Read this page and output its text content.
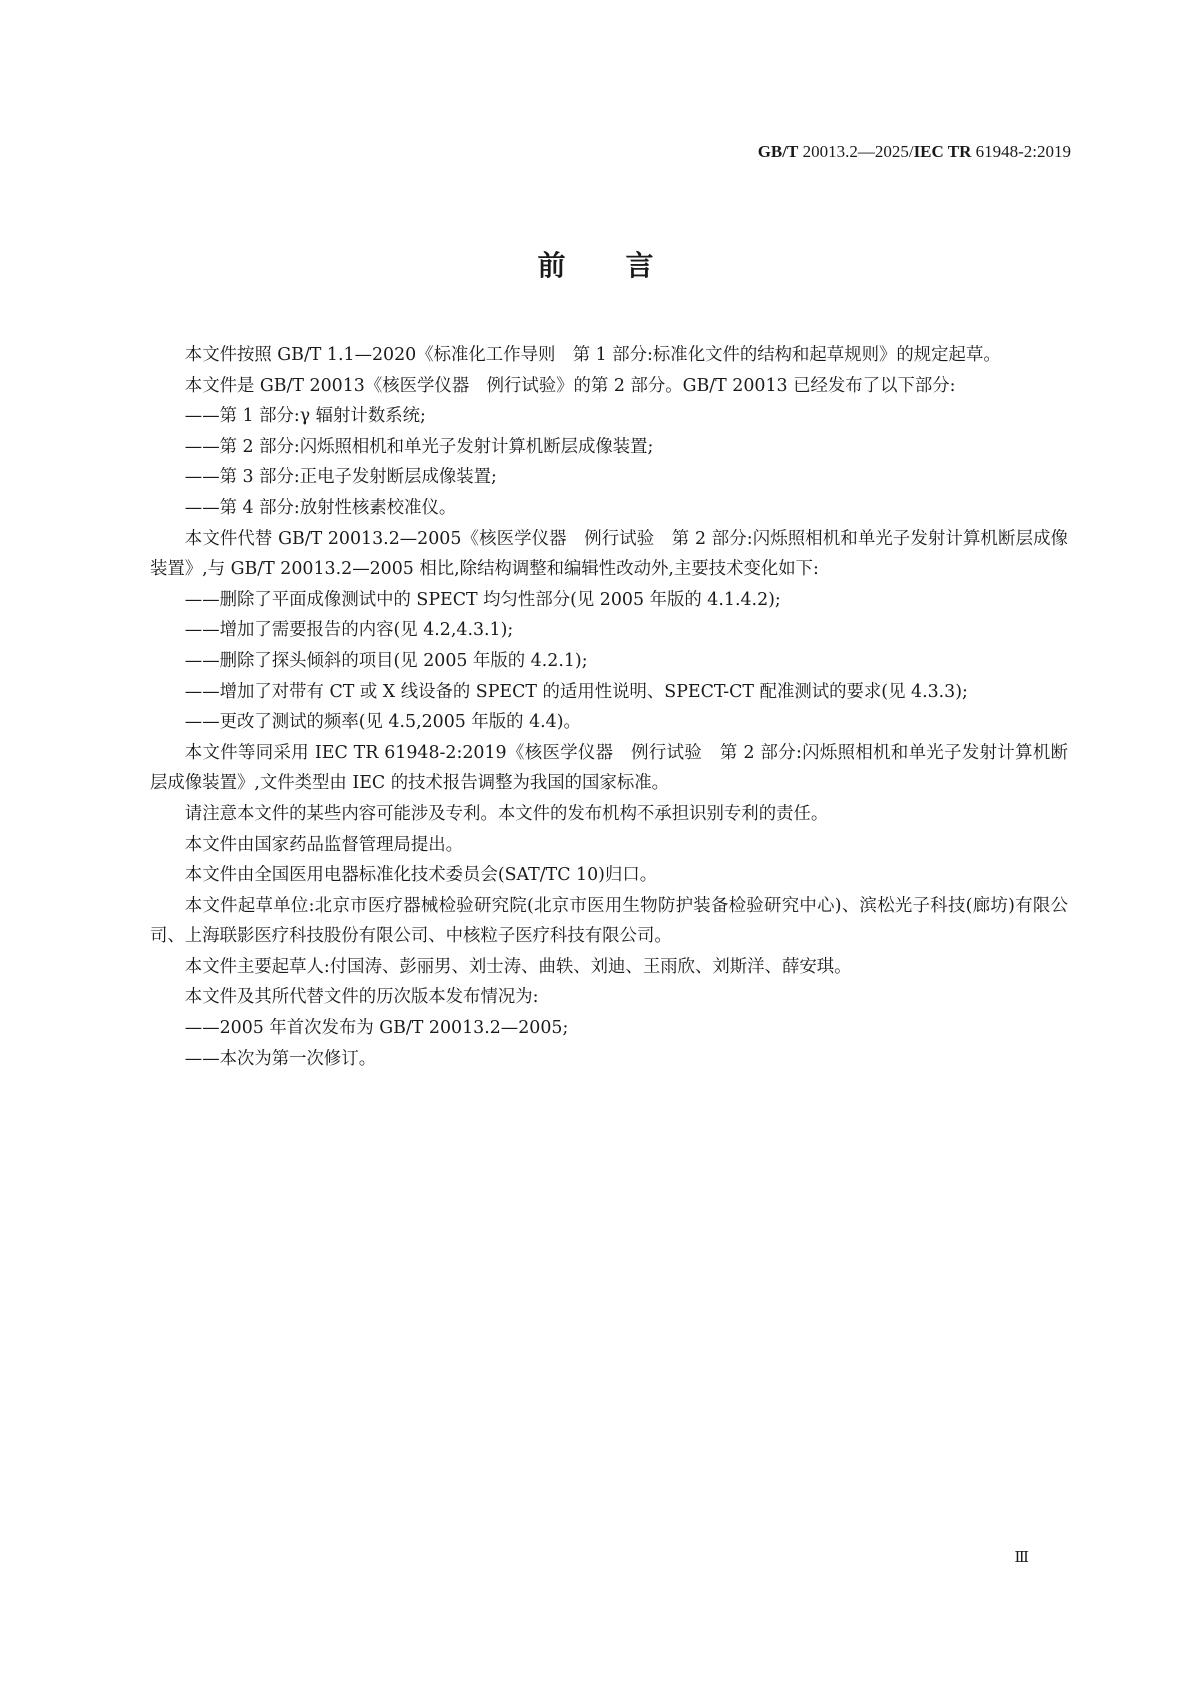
GB/T 20013.2—2025/IEC TR 61948-2:2019
前言

本文件按照 GB/T 1.1—2020《标准化工作导则　第 1 部分:标准化文件的结构和起草规则》的规定起草。

本文件是 GB/T 20013《核医学仪器　例行试验》的第 2 部分。GB/T 20013 已经发布了以下部分:

——第 1 部分:γ 辐射计数系统;

——第 2 部分:闪烁照相机和单光子发射计算机断层成像装置;

——第 3 部分:正电子发射断层成像装置;

——第 4 部分:放射性核素校准仪。

本文件代替 GB/T 20013.2—2005《核医学仪器　例行试验　第 2 部分:闪烁照相机和单光子发射计算机断层成像装置》,与 GB/T 20013.2—2005 相比,除结构调整和编辑性改动外,主要技术变化如下:

——删除了平面成像测试中的 SPECT 均匀性部分(见 2005 年版的 4.1.4.2);

——增加了需要报告的内容(见 4.2,4.3.1);

——删除了探头倾斜的项目(见 2005 年版的 4.2.1);

——增加了对带有 CT 或 X 线设备的 SPECT 的适用性说明、SPECT-CT 配准测试的要求(见 4.3.3);

——更改了测试的频率(见 4.5,2005 年版的 4.4)。

本文件等同采用 IEC TR 61948-2:2019《核医学仪器　例行试验　第 2 部分:闪烁照相机和单光子发射计算机断层成像装置》,文件类型由 IEC 的技术报告调整为我国的国家标准。

请注意本文件的某些内容可能涉及专利。本文件的发布机构不承担识别专利的责任。

本文件由国家药品监督管理局提出。

本文件由全国医用电器标准化技术委员会(SAT/TC 10)归口。

本文件起草单位:北京市医疗器械检验研究院(北京市医用生物防护装备检验研究中心)、滨松光子科技(廊坊)有限公司、上海联影医疗科技股份有限公司、中核粒子医疗科技有限公司。

本文件主要起草人:付国涛、彭丽男、刘士涛、曲轶、刘迪、王雨欣、刘斯洋、薛安琪。

本文件及其所代替文件的历次版本发布情况为:

——2005 年首次发布为 GB/T 20013.2—2005;

——本次为第一次修订。

Ⅲ
